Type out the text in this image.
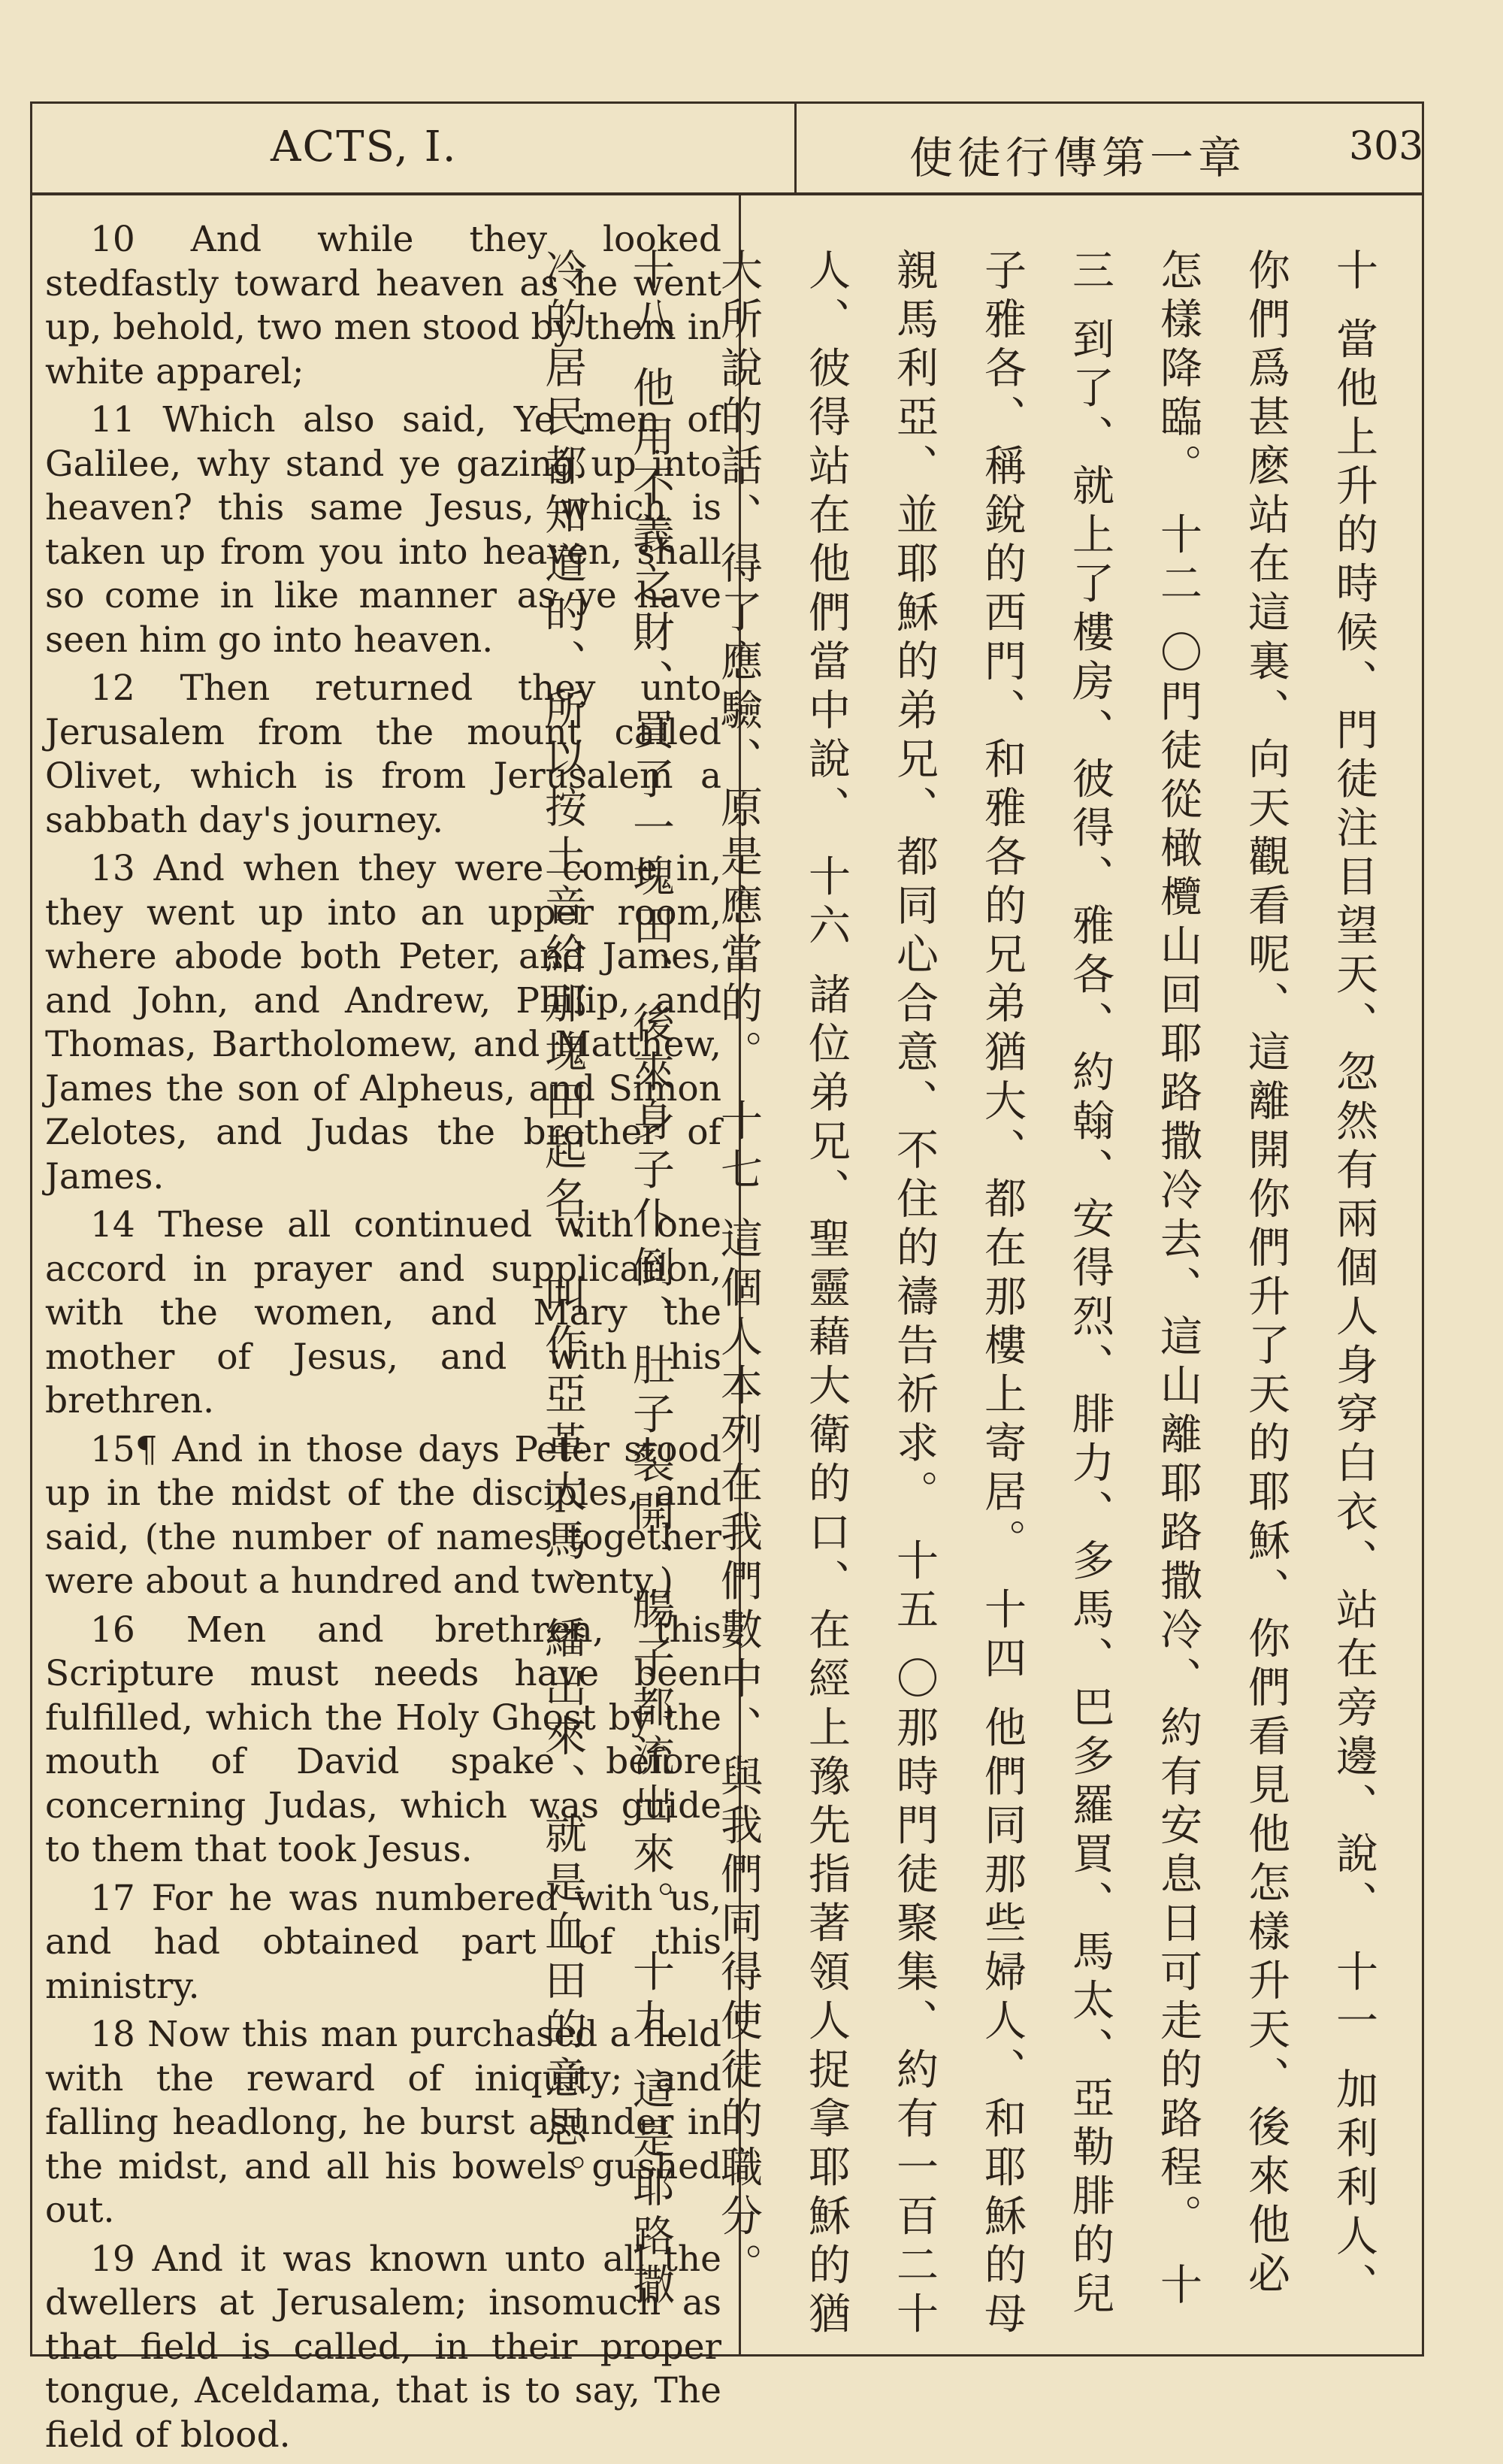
ACTS, I.	使徒行傳第一章	303

10 And while they looked stedfastly toward heaven as he went up, behold, two men stood by them in white apparel;

11 Which also said, Ye men of Galilee, why stand ye gazing up into heaven? this same Jesus, which is taken up from you into heaven, shall so come in like manner as ye have seen him go into heaven.

12 Then returned they unto Jerusalem from the mount called Olivet, which is from Jerusalem a sabbath day's journey.

13 And when they were come in, they went up into an upper room, where abode both Peter, and James, and John, and Andrew, Philip, and Thomas, Bartholomew, and Matthew, James the son of Alpheus, and Simon Zelotes, and Judas the brother of James.

14 These all continued with one accord in prayer and supplication, with the women, and Mary the mother of Jesus, and with his brethren.

15¶ And in those days Peter stood up in the midst of the disciples, and said, (the number of names together were about a hundred and twenty,)

16 Men and brethren, this Scripture must needs have been fulfilled, which the Holy Ghost by the mouth of David spake before concerning Judas, which was guide to them that took Jesus.

17 For he was numbered with us, and had obtained part of this ministry.

18 Now this man purchased a field with the reward of iniquity; and falling headlong, he burst asunder in the midst, and all his bowels gushed out.

19 And it was known unto all the dwellers at Jerusalem; insomuch as that field is called, in their proper tongue, Aceldama, that is to say, The field of blood.

十 當他上升的時候、門徒注目望天、忽然有兩個人身穿白衣、站在旁邊、說、 十一 加利利人、你們爲甚麽站在這裏、向天觀看呢、這離開你們升了天的耶穌、你們看見他怎樣升天、後來他必怎樣降臨。 十二 〇門徒從橄欖山回耶路撒冷去、這山離耶路撒冷、約有安息日可走的路程。 十三 到了、就上了樓房、彼得、雅各、約翰、安得烈、腓力、多馬、巴多羅買、馬太、亞勒腓的兒子雅各、稱銳的西門、和雅各的兄弟猶大、都在那樓上寄居。 十四 他們同那些婦人、和耶穌的母親馬利亞、並耶穌的弟兄、都同心合意、不住的禱告祈求。 十五 〇那時門徒聚集、約有一百二十人、彼得站在他們當中說、 十六 諸位弟兄、聖靈藉大衛的口、在經上豫先指著領人捉拿耶穌的猶大所說的話、得了應驗、原是應當的。 十七 這個人本列在我們數中、與我們同得使徒的職分。 十八 他用不義之財、買了一塊田、後來身子仆倒、肚子裂開、腸子都流出來。 十九 這是耶路撒冷的居民都知道的、所以按土音給那塊田起名、叫作亞革大馬、繙出來、就是血田的意思。
